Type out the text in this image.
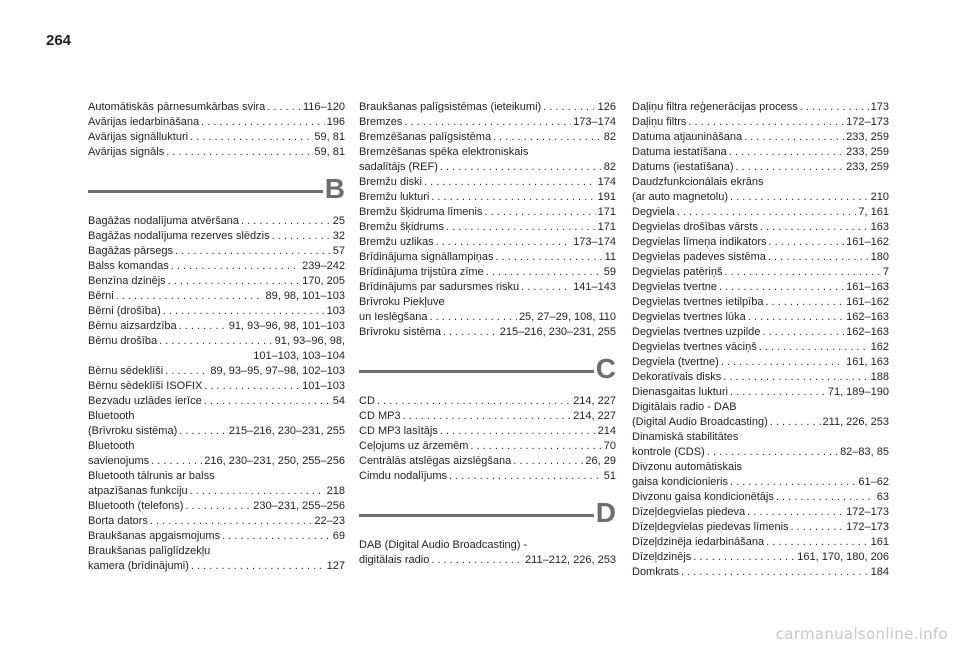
264
Automātiskās pārnesumkārbas svira . . .	116–120
Avārijas iedarbināšana . . .	196
Avārijas signāllukturi . . .	59, 81
Avārijas signāls . . .	59, 81
B
Bagāžas nodalījuma atvēršana . . .	25
Bagāžas nodalījuma rezerves slēdzis . . .	32
Bagāžas pārsegs . . .	57
Balss komandas . . .	239–242
Benzīna dzinējs . . .	170, 205
Bērni . . .	89, 98, 101–103
Bērni (drošība) . . .	103
Bērnu aizsardzība . . .	91, 93–96, 98, 101–103
Bērnu drošība . . .	91, 93–96, 98,
101–103, 103–104
Bērnu sēdeklīši . . .	89, 93–95, 97–98, 102–103
Bērnu sēdeklīši ISOFIX . . .	101–103
Bezvadu uzlādes ierīce . . .	54
Bluetooth
(Brīvroku sistēma) . . .	215–216, 230–231, 255
Bluetooth
savienojums . . .	216, 230–231, 250, 255–256
Bluetooth tālrunis ar balss
atpazīšanas funkciju . . .	218
Bluetooth (telefons) . . .	230–231, 255–256
Borta dators . . .	22–23
Braukšanas apgaismojums . . .	69
Braukšanas palīglīdzekļu
kamera (brīdinājumi) . . .	127
Braukšanas palīgsistēmas (ieteikumi) . . .	126
Bremzes . . .	173–174
Bremzēšanas palīgsistēma . . .	82
Bremzēšanas spēka elektroniskais
sadalītājs (REF) . . .	82
Bremžu diski . . .	174
Bremžu lukturi . . .	191
Bremžu šķidruma līmenis . . .	171
Bremžu šķidrums . . .	171
Bremžu uzlikas . . .	173–174
Brīdinājuma signāllampiņas . . .	11
Brīdinājuma trijstūra zīme . . .	59
Brīdinājums par sadursmes risku . . .	141–143
Brīvroku Piekļuve
un Ieslēgšana . . .	25, 27–29, 108, 110
Brīvroku sistēma . . .	215–216, 230–231, 255
C
CD . . .	214, 227
CD MP3 . . .	214, 227
CD MP3 lasītājs . . .	214
Ceļojums uz ārzemēm . . .	70
Centrālās atslēgas aizslēgšana . . .	26, 29
Cimdu nodalījums . . .	51
D
DAB (Digital Audio Broadcasting) -
digitālais radio . . .	211–212, 226, 253
Daļiņu filtra reģenerācijas process . . .	173
Daļiņu filtrs . . .	172–173
Datuma atjaunināšana . . .	233, 259
Datuma iestatīšana . . .	233, 259
Datums (iestatīšana) . . .	233, 259
Daudzfunkcionālais ekrāns
(ar auto magnetolu) . . .	210
Degviela . . .	7, 161
Degvielas drošības vārsts . . .	163
Degvielas līmeņa indikators . . .	161–162
Degvielas padeves sistēma . . .	180
Degvielas patēriņš . . .	7
Degvielas tvertne . . .	161–163
Degvielas tvertnes ietilpība . . .	161–162
Degvielas tvertnes lūka . . .	162–163
Degvielas tvertnes uzpilde . . .	162–163
Degvielas tvertnes vāciņš . . .	162
Degviela (tvertne) . . .	161, 163
Dekoratīvais disks . . .	188
Dienasgaitas lukturi . . .	71, 189–190
Digitālais radio - DAB
(Digital Audio Broadcasting) . . .	211, 226, 253
Dinamiskā stabilitātes
kontrole (CDS) . . .	82–83, 85
Divzonu automātiskais
gaisa kondicionieris . . .	61–62
Divzonu gaisa kondicionētājs . . .	63
Dīzeļdegvielas piedeva . . .	172–173
Dīzeļdegvielas piedevas līmenis . . .	172–173
Dīzeļdzinēja iedarbināšana . . .	161
Dīzeļdzinējs . . .	161, 170, 180, 206
Domkrats . . .	184
carmanualsonline.info
